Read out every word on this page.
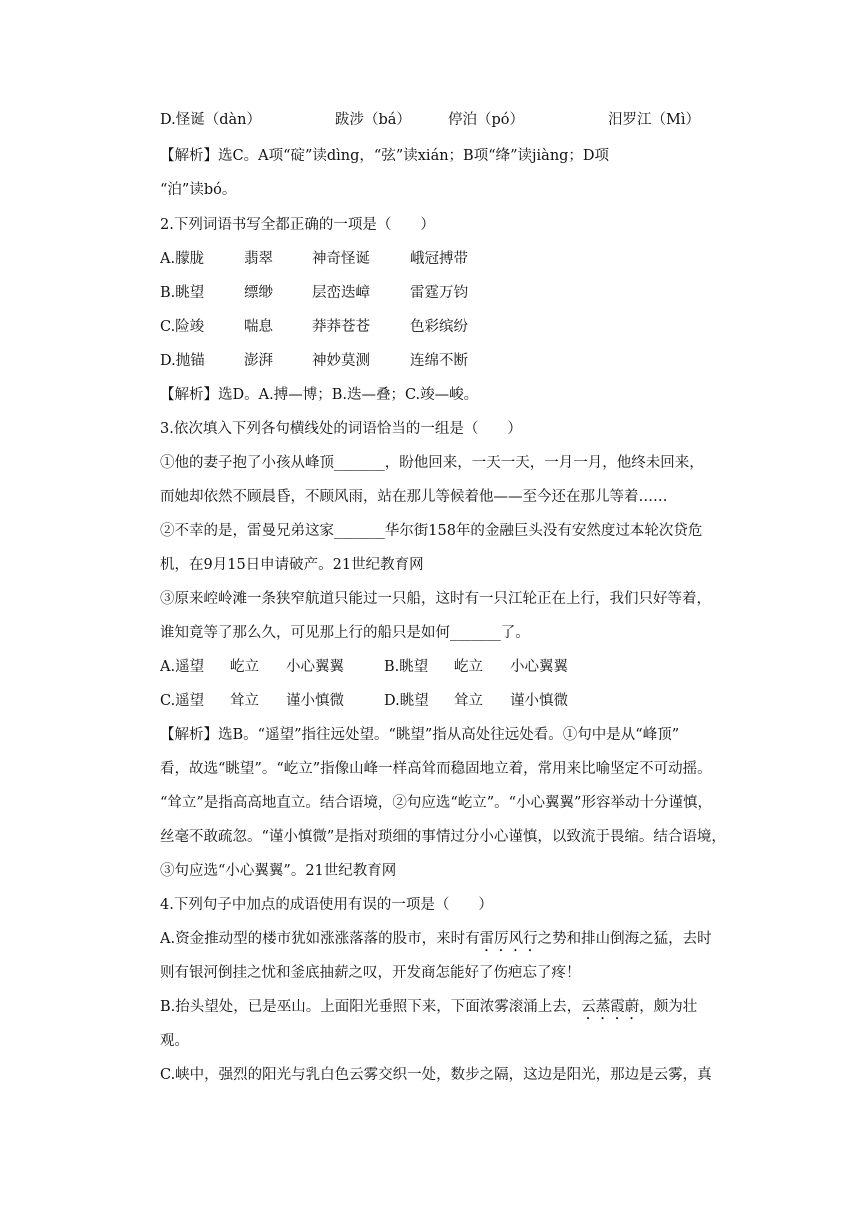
D.怪诞（dàn）	跋涉（bá）	停泊（pó）	汨罗江（Mì）
【解析】选C。A项“碇”读dìng，“弦”读xián；B项“绛”读jiàng；D项
“泊”读bó。
2.下列词语书写全都正确的一项是（　　）
A.朦胧	翡翠	神奇怪诞	峨冠搏带
B.眺望	缥缈	层峦迭嶂	雷霆万钧
C.险竣	喘息	莽莽苍苍	色彩缤纷
D.抛锚	澎湃	神妙莫测	连绵不断
【解析】选D。A.搏—博；B.迭—叠；C.竣—峻。
3.依次填入下列各句横线处的词语恰当的一组是（　　）
①他的妻子抱了小孩从峰顶_______，盼他回来，一天一天，一月一月，他终未回来，
而她却依然不顾晨昏，不顾风雨，站在那儿等候着他——至今还在那儿等着……
②不幸的是，雷曼兄弟这家_______华尔街158年的金融巨头没有安然度过本轮次贷危
机，在9月15日申请破产。21世纪教育网
③原来崆岭滩一条狭窄航道只能过一只船，这时有一只江轮正在上行，我们只好等着，
谁知竟等了那么久，可见那上行的船只是如何_______了。
A.遥望 屹立 小心翼翼	B.眺望 屹立 小心翼翼
C.遥望 耸立 谨小慎微	D.眺望 耸立 谨小慎微
【解析】选B。“遥望”指往远处望。“眺望”指从高处往远处看。①句中是从“峰顶”
看，故选“眺望”。“屹立”指像山峰一样高耸而稳固地立着，常用来比喻坚定不可动摇。
“耸立”是指高高地直立。结合语境，②句应选“屹立”。“小心翼翼”形容举动十分谨慎，
丝毫不敢疏忽。“谨小慎微”是指对琐细的事情过分小心谨慎，以致流于畏缩。结合语境，
③句应选“小心翼翼”。21世纪教育网
4.下列句子中加点的成语使用有误的一项是（　　）
A.资金推动型的楼市犹如涨涨落落的股市，来时有雷厉风行之势和排山倒海之猛，去时
则有银河倒挂之忧和釜底抽薪之叹，开发商怎能好了伤疤忘了疼！
B.抬头望处，已是巫山。上面阳光垂照下来，下面浓雾滚涌上去，云蒸霞蔚，颇为壮
观。
C.峡中，强烈的阳光与乳白色云雾交织一处，数步之隔，这边是阳光，那边是云雾，真
